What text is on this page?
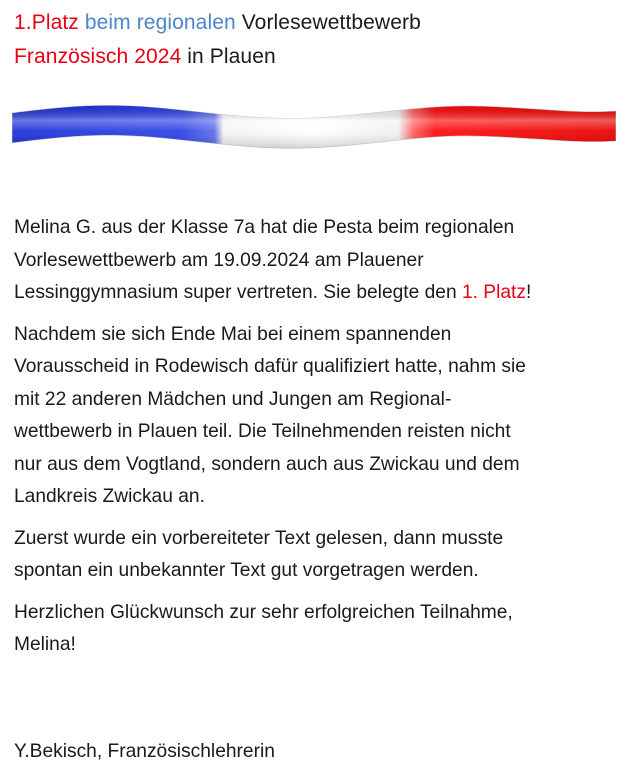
1.Platz beim regionalen Vorlesewettbewerb
Französisch 2024 in Plauen
Melina G. aus der Klasse 7a hat die Pesta beim regionalen
Vorlesewettbewerb am 19.09.2024 am Plauener
Lessinggymnasium super vertreten. Sie belegte den 1. Platz!
Nachdem sie sich Ende Mai bei einem spannenden
Vorausscheid in Rodewisch dafür qualifiziert hatte, nahm sie
mit 22 anderen Mädchen und Jungen am Regional-
wettbewerb in Plauen teil. Die Teilnehmenden reisten nicht
nur aus dem Vogtland, sondern auch aus Zwickau und dem
Landkreis Zwickau an.
Zuerst wurde ein vorbereiteter Text gelesen, dann musste
spontan ein unbekannter Text gut vorgetragen werden.
Herzlichen Glückwunsch zur sehr erfolgreichen Teilnahme,
Melina!
Y.Bekisch, Französischlehrerin
